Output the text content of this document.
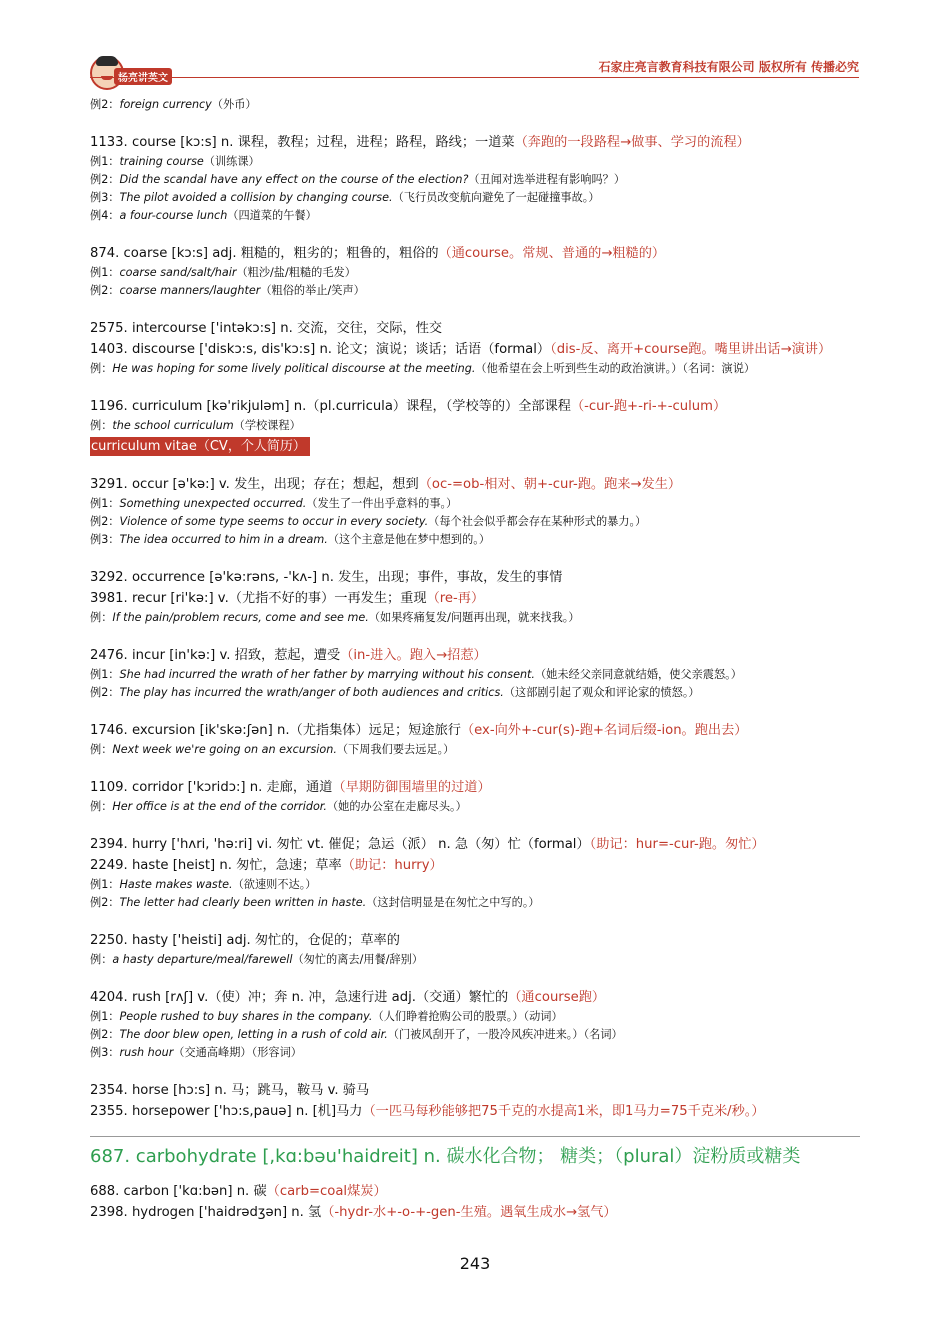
杨亮讲英文
石家庄亮言教育科技有限公司 版权所有 传播必究
例2：foreign currency（外币）
1133. course [kɔ:s] n. 课程，教程；过程，进程；路程，路线；一道菜（奔跑的一段路程→做事、学习的流程）
例1：training course（训练课）
例2：Did the scandal have any effect on the course of the election?（丑闻对选举进程有影响吗？）
例3：The pilot avoided a collision by changing course.（飞行员改变航向避免了一起碰撞事故。）
例4：a four-course lunch（四道菜的午餐）
874. coarse [kɔ:s] adj. 粗糙的，粗劣的；粗鲁的，粗俗的（通course。常规、普通的→粗糙的）
例1：coarse sand/salt/hair（粗沙/盐/粗糙的毛发）
例2：coarse manners/laughter（粗俗的举止/笑声）
2575. intercourse ['intəkɔ:s] n. 交流，交往，交际，性交
1403. discourse ['diskɔ:s, dis'kɔ:s] n. 论文；演说；谈话；话语（formal）（dis-反、离开+course跑。嘴里讲出话→演讲）
例：He was hoping for some lively political discourse at the meeting.（他希望在会上听到些生动的政治演讲。）（名词：演说）
1196. curriculum [kə'rikjuləm] n.（pl.curricula）课程，（学校等的）全部课程（-cur-跑+-ri-+-culum）
例：the school curriculum（学校课程）
curriculum vitae（CV，个人简历）
3291. occur [ə'kə:] v. 发生，出现；存在；想起，想到（oc-=ob-相对、朝+-cur-跑。跑来→发生）
例1：Something unexpected occurred.（发生了一件出乎意料的事。）
例2：Violence of some type seems to occur in every society.（每个社会似乎都会存在某种形式的暴力。）
例3：The idea occurred to him in a dream.（这个主意是他在梦中想到的。）
3292. occurrence [ə'kə:rəns, -'kʌ-] n. 发生，出现；事件，事故，发生的事情
3981. recur [ri'kə:] v.（尤指不好的事）一再发生；重现（re-再）
例：If the pain/problem recurs, come and see me.（如果疼痛复发/问题再出现，就来找我。）
2476. incur [in'kə:] v. 招致，惹起，遭受（in-进入。跑入→招惹）
例1：She had incurred the wrath of her father by marrying without his consent.（她未经父亲同意就结婚，使父亲震怒。）
例2：The play has incurred the wrath/anger of both audiences and critics.（这部剧引起了观众和评论家的愤怒。）
1746. excursion [ik'skə:ʃən] n.（尤指集体）远足；短途旅行（ex-向外+-cur(s)-跑+名词后缀-ion。跑出去）
例：Next week we're going on an excursion.（下周我们要去远足。）
1109. corridor ['kɔridɔ:] n. 走廊，通道（早期防御围墙里的过道）
例：Her office is at the end of the corridor.（她的办公室在走廊尽头。）
2394. hurry ['hʌri, 'hə:ri] vi. 匆忙 vt. 催促；急运（派） n. 急（匆）忙（formal）（助记：hur=-cur-跑。匆忙）
2249. haste [heist] n. 匆忙，急速；草率（助记：hurry）
例1：Haste makes waste.（欲速则不达。）
例2：The letter had clearly been written in haste.（这封信明显是在匆忙之中写的。）
2250. hasty ['heisti] adj. 匆忙的，仓促的；草率的
例：a hasty departure/meal/farewell（匆忙的离去/用餐/辞别）
4204. rush [rʌʃ] v.（使）冲；奔 n. 冲，急速行进 adj.（交通）繁忙的（通course跑）
例1：People rushed to buy shares in the company.（人们睁着抢购公司的股票。）（动词）
例2：The door blew open, letting in a rush of cold air.（门被风刮开了，一股冷风疾冲进来。）（名词）
例3：rush hour（交通高峰期）（形容词）
2354. horse [hɔ:s] n. 马；跳马，鞍马 v. 骑马
2355. horsepower ['hɔ:s,pauə] n. [机]马力（一匹马每秒能够把75千克的水提高1米，即1马力=75千克米/秒。）
687. carbohydrate [,kɑ:bəu'haidreit] n. 碳水化合物； 糖类；（plural）淀粉质或糖类
688. carbon ['kɑ:bən] n. 碳（carb=coal煤炭）
2398. hydrogen ['haidrədʒən] n. 氢（-hydr-水+-o-+-gen-生殖。遇氧生成水→氢气）
243
